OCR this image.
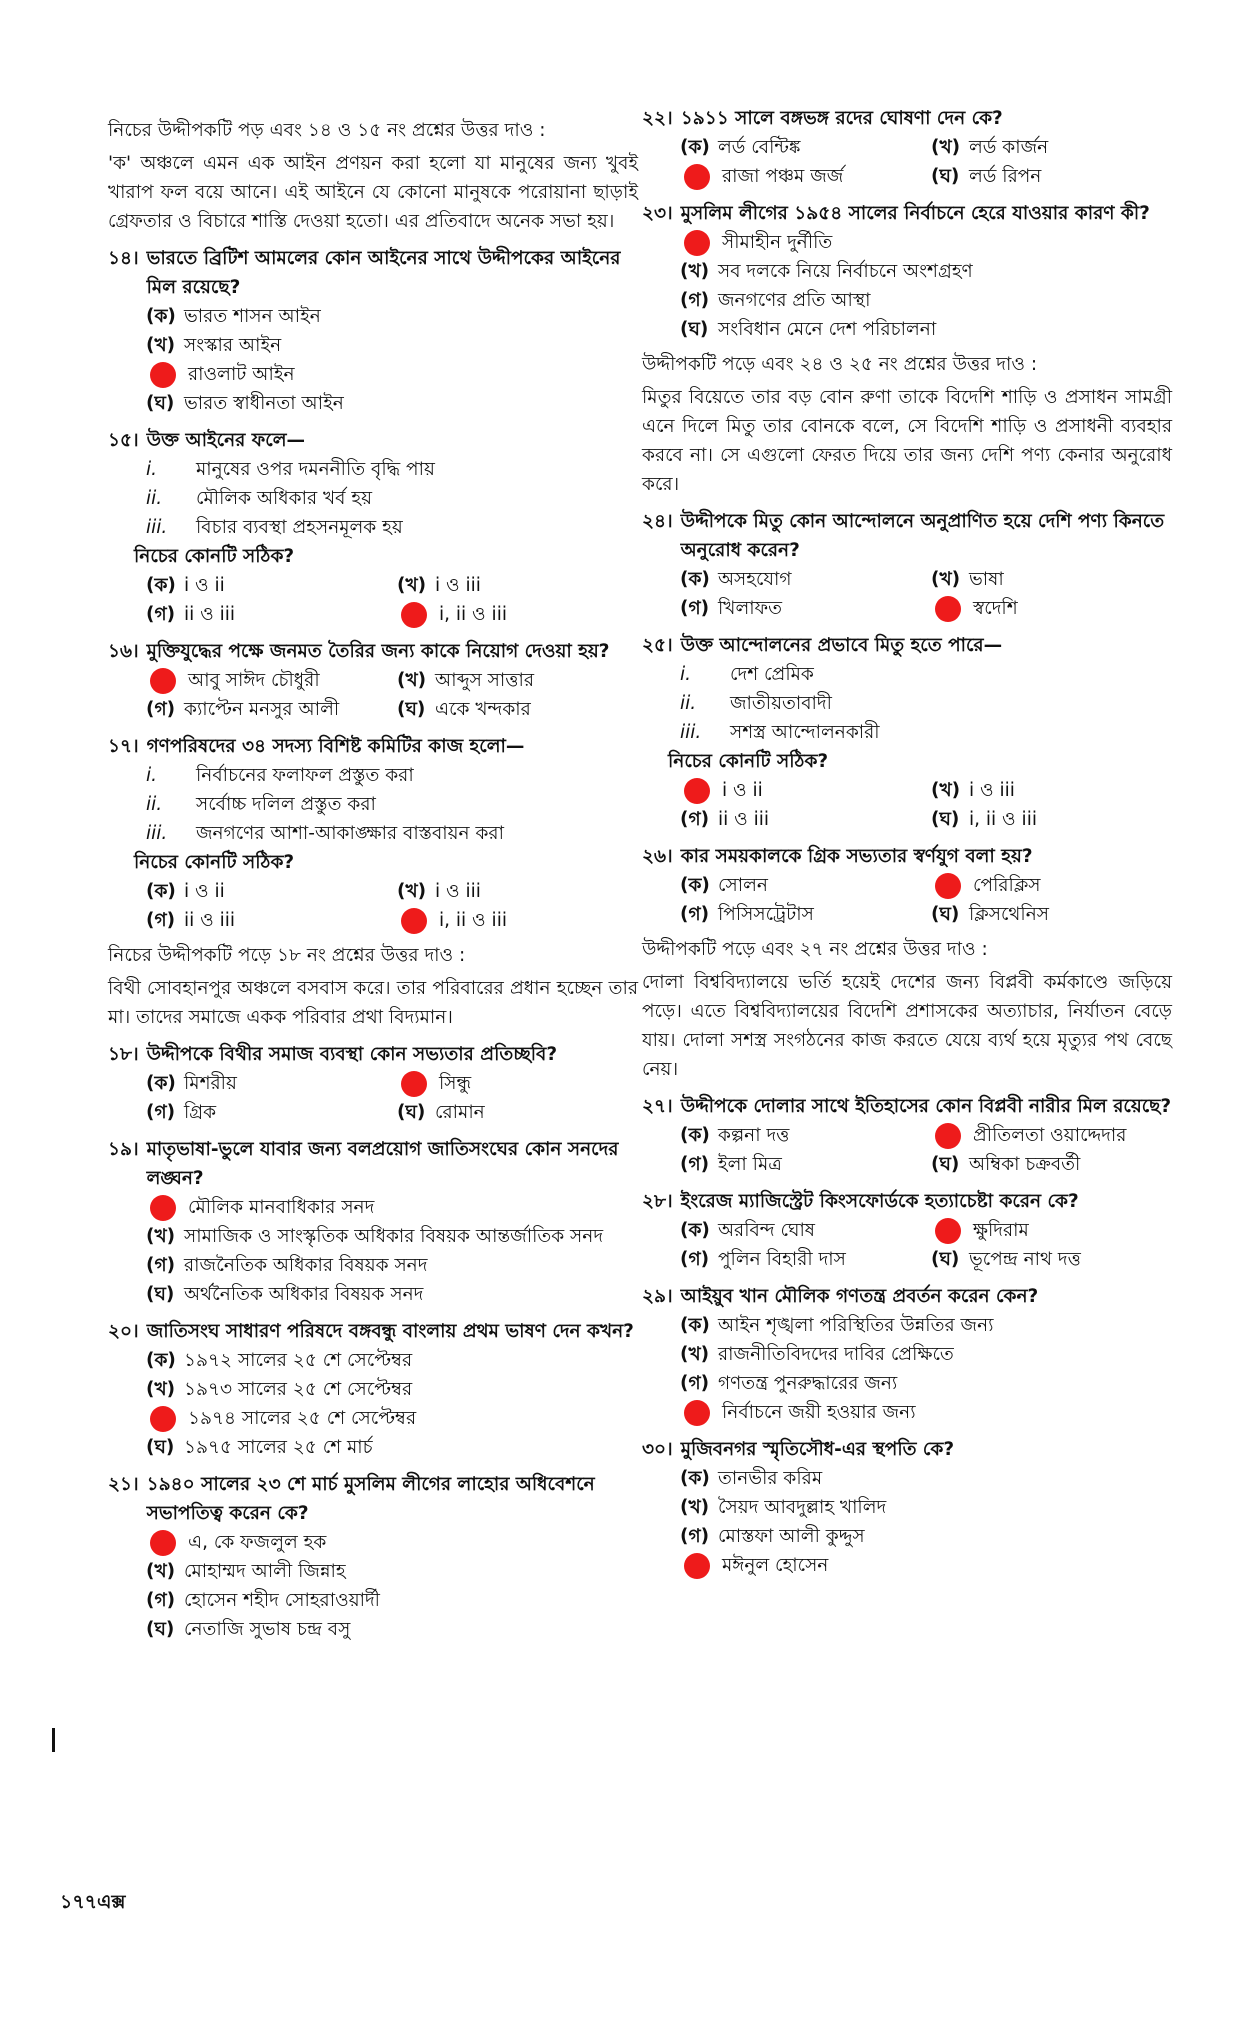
নিচের উদ্দীপকটি পড় এবং ১৪ ও ১৫ নং প্রশ্নের উত্তর দাও :
'ক' অঞ্চলে এমন এক আইন প্রণয়ন করা হলো যা মানুষের জন্য খুবই খারাপ ফল বয়ে আনে। এই আইনে যে কোনো মানুষকে পরোয়ানা ছাড়াই গ্রেফতার ও বিচারে শাস্তি দেওয়া হতো। এর প্রতিবাদে অনেক সভা হয়।
১৪। ভারতে ব্রিটিশ আমলের কোন আইনের সাথে উদ্দীপকের আইনের মিল রয়েছে?
(ক) ভারত শাসন আইন
(খ) সংস্কার আইন
রাওলাট আইন
(ঘ) ভারত স্বাধীনতা আইন
১৫। উক্ত আইনের ফলে—
i.	মানুষের ওপর দমননীতি বৃদ্ধি পায়
ii.	মৌলিক অধিকার খর্ব হয়
iii.	বিচার ব্যবস্থা প্রহসনমূলক হয়
নিচের কোনটি সঠিক?
(ক) i ও ii	(খ) i ও iii
(গ) ii ও iii	i, ii ও iii
১৬। মুক্তিযুদ্ধের পক্ষে জনমত তৈরির জন্য কাকে নিয়োগ দেওয়া হয়?
আবু সাঈদ চৌধুরী	(খ) আব্দুস সাত্তার
(গ) ক্যাপ্টেন মনসুর আলী	(ঘ) একে খন্দকার
১৭। গণপরিষদের ৩৪ সদস্য বিশিষ্ট কমিটির কাজ হলো—
i.	নির্বাচনের ফলাফল প্রস্তুত করা
ii.	সর্বোচ্চ দলিল প্রস্তুত করা
iii.	জনগণের আশা-আকাঙ্ক্ষার বাস্তবায়ন করা
নিচের কোনটি সঠিক?
(ক) i ও ii	(খ) i ও iii
(গ) ii ও iii	i, ii ও iii
নিচের উদ্দীপকটি পড়ে ১৮ নং প্রশ্নের উত্তর দাও :
বিথী সোবহানপুর অঞ্চলে বসবাস করে। তার পরিবারের প্রধান হচ্ছেন তার মা। তাদের সমাজে একক পরিবার প্রথা বিদ্যমান।
১৮। উদ্দীপকে বিথীর সমাজ ব্যবস্থা কোন সভ্যতার প্রতিচ্ছবি?
(ক) মিশরীয়	সিন্ধু
(গ) গ্রিক	(ঘ) রোমান
১৯। মাতৃভাষা-ভুলে যাবার জন্য বলপ্রয়োগ জাতিসংঘের কোন সনদের লঙ্ঘন?
মৌলিক মানবাধিকার সনদ
(খ) সামাজিক ও সাংস্কৃতিক অধিকার বিষয়ক আন্তর্জাতিক সনদ
(গ) রাজনৈতিক অধিকার বিষয়ক সনদ
(ঘ) অর্থনৈতিক অধিকার বিষয়ক সনদ
২০। জাতিসংঘ সাধারণ পরিষদে বঙ্গবন্ধু বাংলায় প্রথম ভাষণ দেন কখন?
(ক) ১৯৭২ সালের ২৫ শে সেপ্টেম্বর
(খ) ১৯৭৩ সালের ২৫ শে সেপ্টেম্বর
১৯৭৪ সালের ২৫ শে সেপ্টেম্বর
(ঘ) ১৯৭৫ সালের ২৫ শে মার্চ
২১। ১৯৪০ সালের ২৩ শে মার্চ মুসলিম লীগের লাহোর অধিবেশনে সভাপতিত্ব করেন কে?
এ, কে ফজলুল হক
(খ) মোহাম্মদ আলী জিন্নাহ
(গ) হোসেন শহীদ সোহরাওয়ার্দী
(ঘ) নেতাজি সুভাষ চন্দ্র বসু
২২। ১৯১১ সালে বঙ্গভঙ্গ রদের ঘোষণা দেন কে?
(ক) লর্ড বেন্টিঙ্ক	(খ) লর্ড কার্জন
রাজা পঞ্চম জর্জ	(ঘ) লর্ড রিপন
২৩। মুসলিম লীগের ১৯৫৪ সালের নির্বাচনে হেরে যাওয়ার কারণ কী?
সীমাহীন দুর্নীতি
(খ) সব দলকে নিয়ে নির্বাচনে অংশগ্রহণ
(গ) জনগণের প্রতি আস্থা
(ঘ) সংবিধান মেনে দেশ পরিচালনা
উদ্দীপকটি পড়ে এবং ২৪ ও ২৫ নং প্রশ্নের উত্তর দাও :
মিতুর বিয়েতে তার বড় বোন রুণা তাকে বিদেশি শাড়ি ও প্রসাধন সামগ্রী এনে দিলে মিতু তার বোনকে বলে, সে বিদেশি শাড়ি ও প্রসাধনী ব্যবহার করবে না। সে এগুলো ফেরত দিয়ে তার জন্য দেশি পণ্য কেনার অনুরোধ করে।
২৪। উদ্দীপকে মিতু কোন আন্দোলনে অনুপ্রাণিত হয়ে দেশি পণ্য কিনতে অনুরোধ করেন?
(ক) অসহযোগ	(খ) ভাষা
(গ) খিলাফত	স্বদেশি
২৫। উক্ত আন্দোলনের প্রভাবে মিতু হতে পারে—
i.	দেশ প্রেমিক
ii.	জাতীয়তাবাদী
iii.	সশস্ত্র আন্দোলনকারী
নিচের কোনটি সঠিক?
i ও ii	(খ) i ও iii
(গ) ii ও iii	(ঘ) i, ii ও iii
২৬। কার সময়কালকে গ্রিক সভ্যতার স্বর্ণযুগ বলা হয়?
(ক) সোলন	পেরিক্লিস
(গ) পিসিসট্রেটাস	(ঘ) ক্লিসথেনিস
উদ্দীপকটি পড়ে এবং ২৭ নং প্রশ্নের উত্তর দাও :
দোলা বিশ্ববিদ্যালয়ে ভর্তি হয়েই দেশের জন্য বিপ্লবী কর্মকাণ্ডে জড়িয়ে পড়ে। এতে বিশ্ববিদ্যালয়ের বিদেশি প্রশাসকের অত্যাচার, নির্যাতন বেড়ে যায়। দোলা সশস্ত্র সংগঠনের কাজ করতে যেয়ে ব্যর্থ হয়ে মৃত্যুর পথ বেছে নেয়।
২৭। উদ্দীপকে দোলার সাথে ইতিহাসের কোন বিপ্লবী নারীর মিল রয়েছে?
(ক) কল্পনা দত্ত	প্রীতিলতা ওয়াদ্দেদার
(গ) ইলা মিত্র	(ঘ) অম্বিকা চক্রবর্তী
২৮। ইংরেজ ম্যাজিস্ট্রেট কিংসফোর্ডকে হত্যাচেষ্টা করেন কে?
(ক) অরবিন্দ ঘোষ	ক্ষুদিরাম
(গ) পুলিন বিহারী দাস	(ঘ) ভূপেন্দ্র নাথ দত্ত
২৯। আইয়ুব খান মৌলিক গণতন্ত্র প্রবর্তন করেন কেন?
(ক) আইন শৃঙ্খলা পরিস্থিতির উন্নতির জন্য
(খ) রাজনীতিবিদদের দাবির প্রেক্ষিতে
(গ) গণতন্ত্র পুনরুদ্ধারের জন্য
নির্বাচনে জয়ী হওয়ার জন্য
৩০। মুজিবনগর স্মৃতিসৌধ-এর স্থপতি কে?
(ক) তানভীর করিম
(খ) সৈয়দ আবদুল্লাহ খালিদ
(গ) মোস্তফা আলী কুদ্দুস
মঈনুল হোসেন
১৭৭এক্স
